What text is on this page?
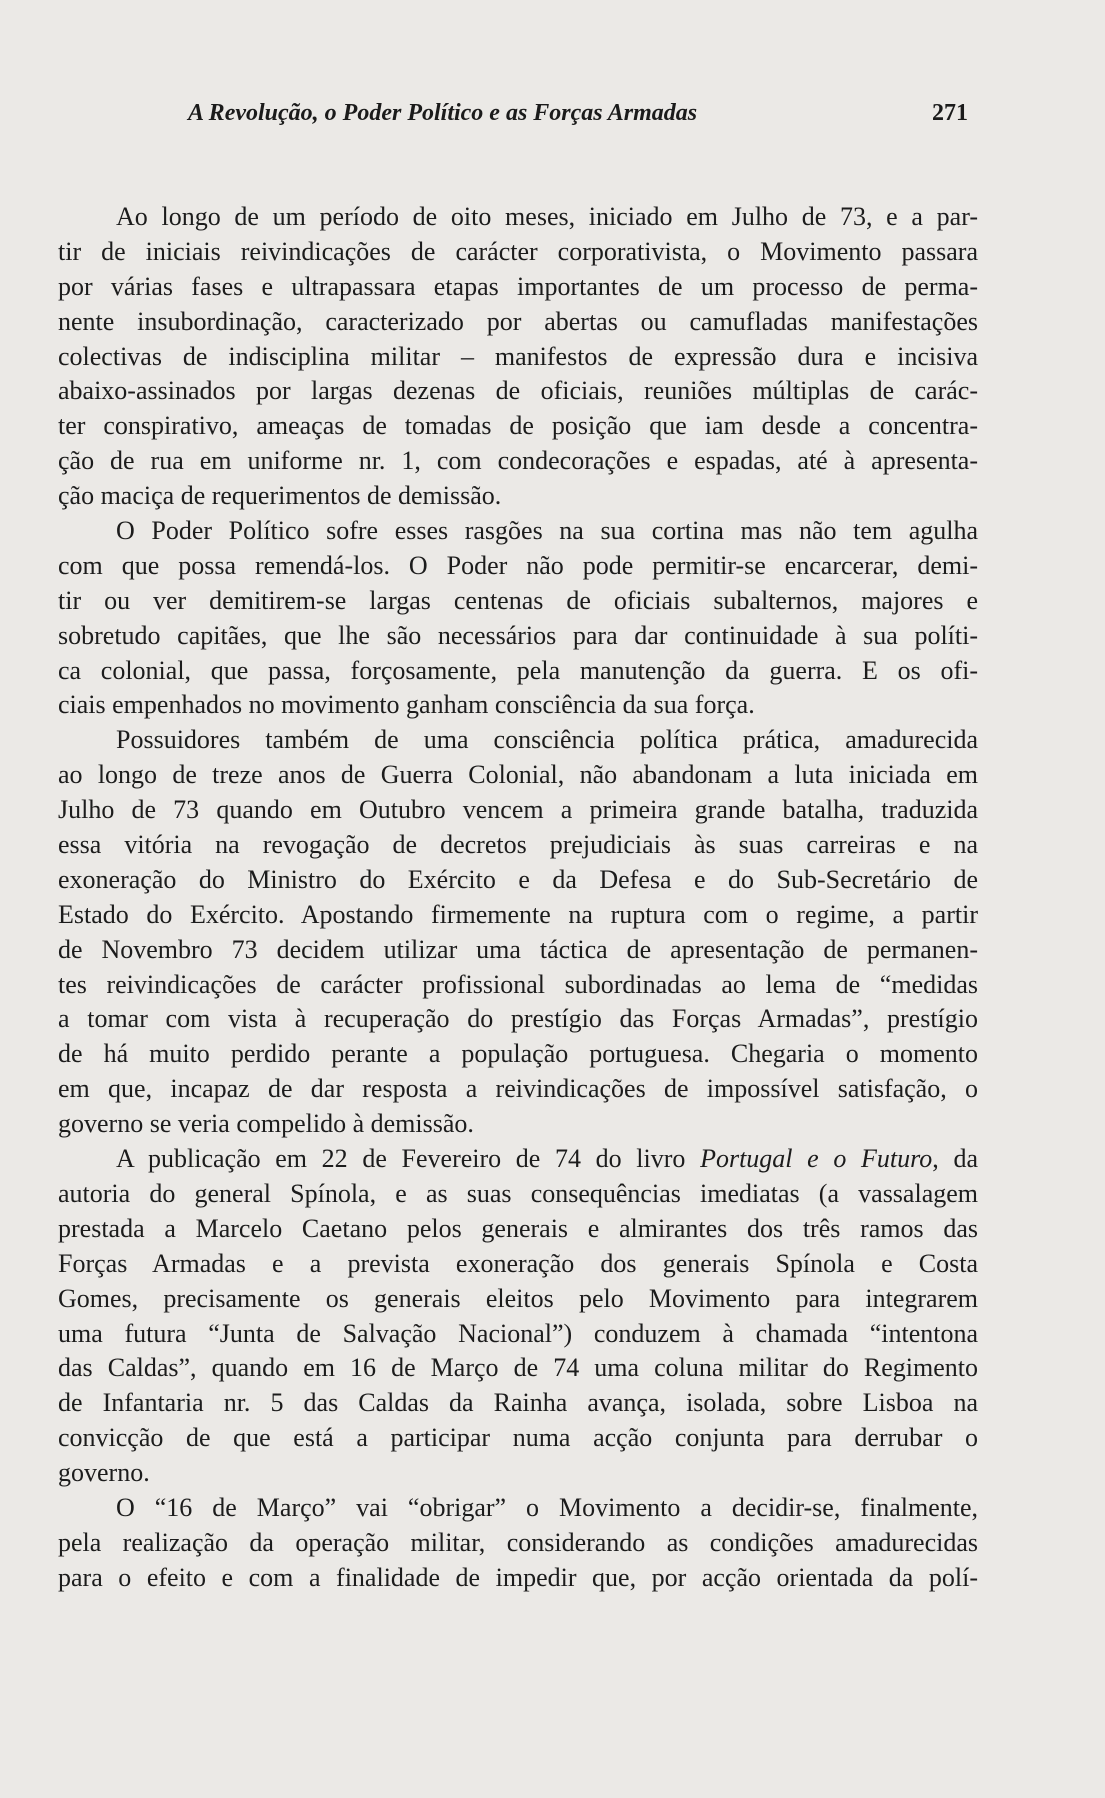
A Revolução, o Poder Político e as Forças Armadas	271
Ao longo de um período de oito meses, iniciado em Julho de 73, e a par-
tir de iniciais reivindicações de carácter corporativista, o Movimento passara
por várias fases e ultrapassara etapas importantes de um processo de perma-
nente insubordinação, caracterizado por abertas ou camufladas manifestações
colectivas de indisciplina militar – manifestos de expressão dura e incisiva
abaixo-assinados por largas dezenas de oficiais, reuniões múltiplas de carác-
ter conspirativo, ameaças de tomadas de posição que iam desde a concentra-
ção de rua em uniforme nr. 1, com condecorações e espadas, até à apresenta-
ção maciça de requerimentos de demissão.
O Poder Político sofre esses rasgões na sua cortina mas não tem agulha
com que possa remendá-los. O Poder não pode permitir-se encarcerar, demi-
tir ou ver demitirem-se largas centenas de oficiais subalternos, majores e
sobretudo capitães, que lhe são necessários para dar continuidade à sua políti-
ca colonial, que passa, forçosamente, pela manutenção da guerra. E os ofi-
ciais empenhados no movimento ganham consciência da sua força.
Possuidores também de uma consciência política prática, amadurecida
ao longo de treze anos de Guerra Colonial, não abandonam a luta iniciada em
Julho de 73 quando em Outubro vencem a primeira grande batalha, traduzida
essa vitória na revogação de decretos prejudiciais às suas carreiras e na
exoneração do Ministro do Exército e da Defesa e do Sub-Secretário de
Estado do Exército. Apostando firmemente na ruptura com o regime, a partir
de Novembro 73 decidem utilizar uma táctica de apresentação de permanen-
tes reivindicações de carácter profissional subordinadas ao lema de “medidas
a tomar com vista à recuperação do prestígio das Forças Armadas”, prestígio
de há muito perdido perante a população portuguesa. Chegaria o momento
em que, incapaz de dar resposta a reivindicações de impossível satisfação, o
governo se veria compelido à demissão.
A publicação em 22 de Fevereiro de 74 do livro Portugal e o Futuro, da
autoria do general Spínola, e as suas consequências imediatas (a vassalagem
prestada a Marcelo Caetano pelos generais e almirantes dos três ramos das
Forças Armadas e a prevista exoneração dos generais Spínola e Costa
Gomes, precisamente os generais eleitos pelo Movimento para integrarem
uma futura “Junta de Salvação Nacional”) conduzem à chamada “intentona
das Caldas”, quando em 16 de Março de 74 uma coluna militar do Regimento
de Infantaria nr. 5 das Caldas da Rainha avança, isolada, sobre Lisboa na
convicção de que está a participar numa acção conjunta para derrubar o
governo.
O “16 de Março” vai “obrigar” o Movimento a decidir-se, finalmente,
pela realização da operação militar, considerando as condições amadurecidas
para o efeito e com a finalidade de impedir que, por acção orientada da polí-
